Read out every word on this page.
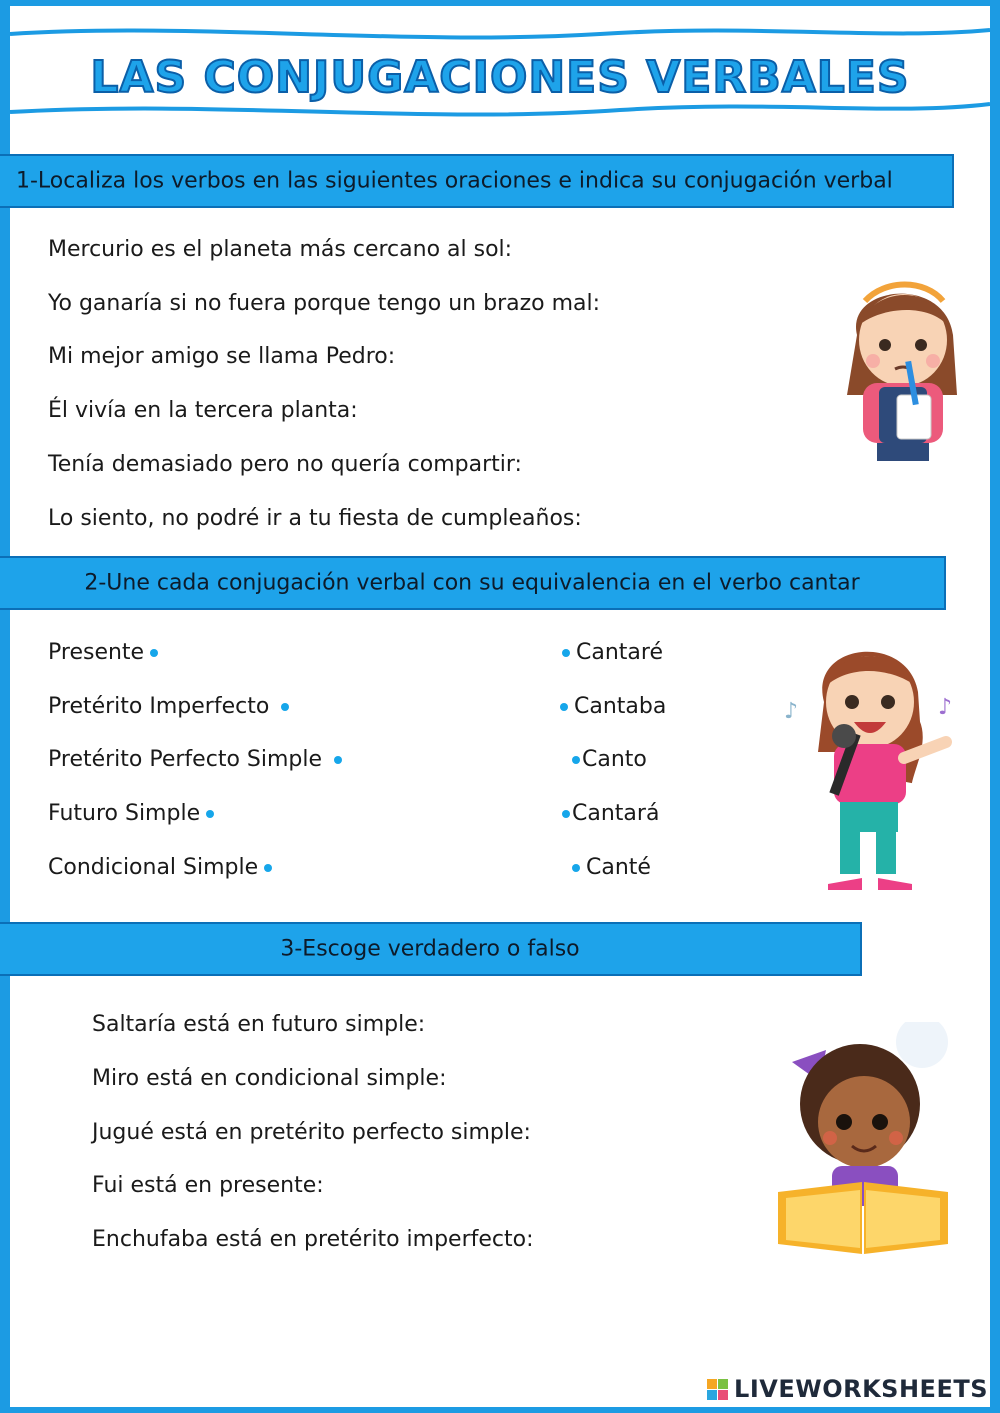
LAS CONJUGACIONES VERBALES
1-Localiza los verbos en las siguientes oraciones e indica su conjugación verbal
Mercurio es el planeta más cercano al sol:
Yo ganaría si no fuera porque tengo un brazo mal:
Mi mejor amigo se llama Pedro:
Él vivía en la tercera planta:
Tenía demasiado pero no quería compartir:
Lo siento, no podré ir a tu fiesta de cumpleaños:
2-Une cada conjugación verbal con su equivalencia en el verbo cantar
Presente
Pretérito Imperfecto
Pretérito Perfecto Simple
Futuro Simple
Condicional Simple
Cantaré
Cantaba
Canto
Cantará
Canté
♪	♪
3-Escoge verdadero o falso
Saltaría está en futuro simple:
Miro está en condicional simple:
Jugué está en pretérito perfecto simple:
Fui está en presente:
Enchufaba está en pretérito imperfecto:
LIVEWORKSHEETS
